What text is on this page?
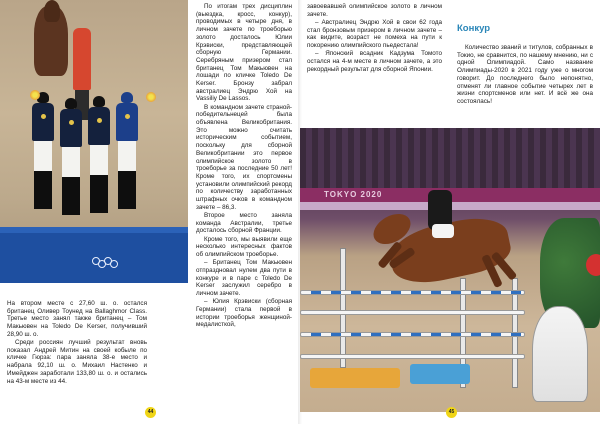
По итогам трех дисциплин (выездка, кросс, конкур), проводимых в четыре дня, в личном зачете по троеборью золото досталось Юлии Крэвиски, представляющей сборную Германии. Серебряным призером стал британец Том Макьювен на лошади по кличке Toledo De Kerser. Бронзу забрал австралиец Эндрю Хой на Vassiliy De Lassos.

В командном зачете страной-победительнецей была объявлена Великобритания. Это можно считать историческим событием, поскольку для сборной Великобритании это первое олимпийское золото в троеборье за последние 50 лет! Кроме того, их спортсмены установили олимпийский рекорд по количеству заработанных штрафных очков в командном зачете – 86,3.

Второе место заняла команда Австралии, третье досталось сборной Франции.

Кроме того, мы выявили еще несколько интересных фактов об олимпийском троеборье.

– Британец Том Макьювен отпраздновал нулем два пути в конкуре и в паре с Toledo De Kerser заслужил серебро в личном зачете.

– Юлия Крэвиски (сборная Германии) стала первой в истории троеборья женщиной-медалисткой,

На втором месте с 27,60 ш. о. остался британец Оливер Тоунед на Ballaghmor Class. Третье место занял также британец – Том Макьювен на Toledo De Kerser, получивший 28,90 ш. о.

Среди россиян лучший результат вновь показал Андрей Митин на своей кобыле по кличке Гюрза: пара заняла 38-е место и набрала 92,10 ш. о. Михаил Настенко и Имейджен заработали 133,80 ш. о. и остались на 43-м месте из 44.

44

завоевавшей олимпийское золото в личном зачете.

– Австралиец Эндрю Хой в свои 62 года стал бронзовым призером в личном зачете – как видите, возраст не помеха на пути к покорению олимпийского пьедестала!

– Японский всадник Кадзума Томото остался на 4-м месте в личном зачете, а это рекордный результат для сборной Японии.

Конкур

Количество званий и титулов, собранных в Токио, не сравнится, по нашему мнению, ни с одной Олимпиадой. Само название Олимпиады-2020 в 2021 году уже о многом говорит. До последнего было непонятно, отменят ли главное событие четырех лет в жизни спортсменов или нет. И всё же она состоялась!

TOKYO 2020
45
